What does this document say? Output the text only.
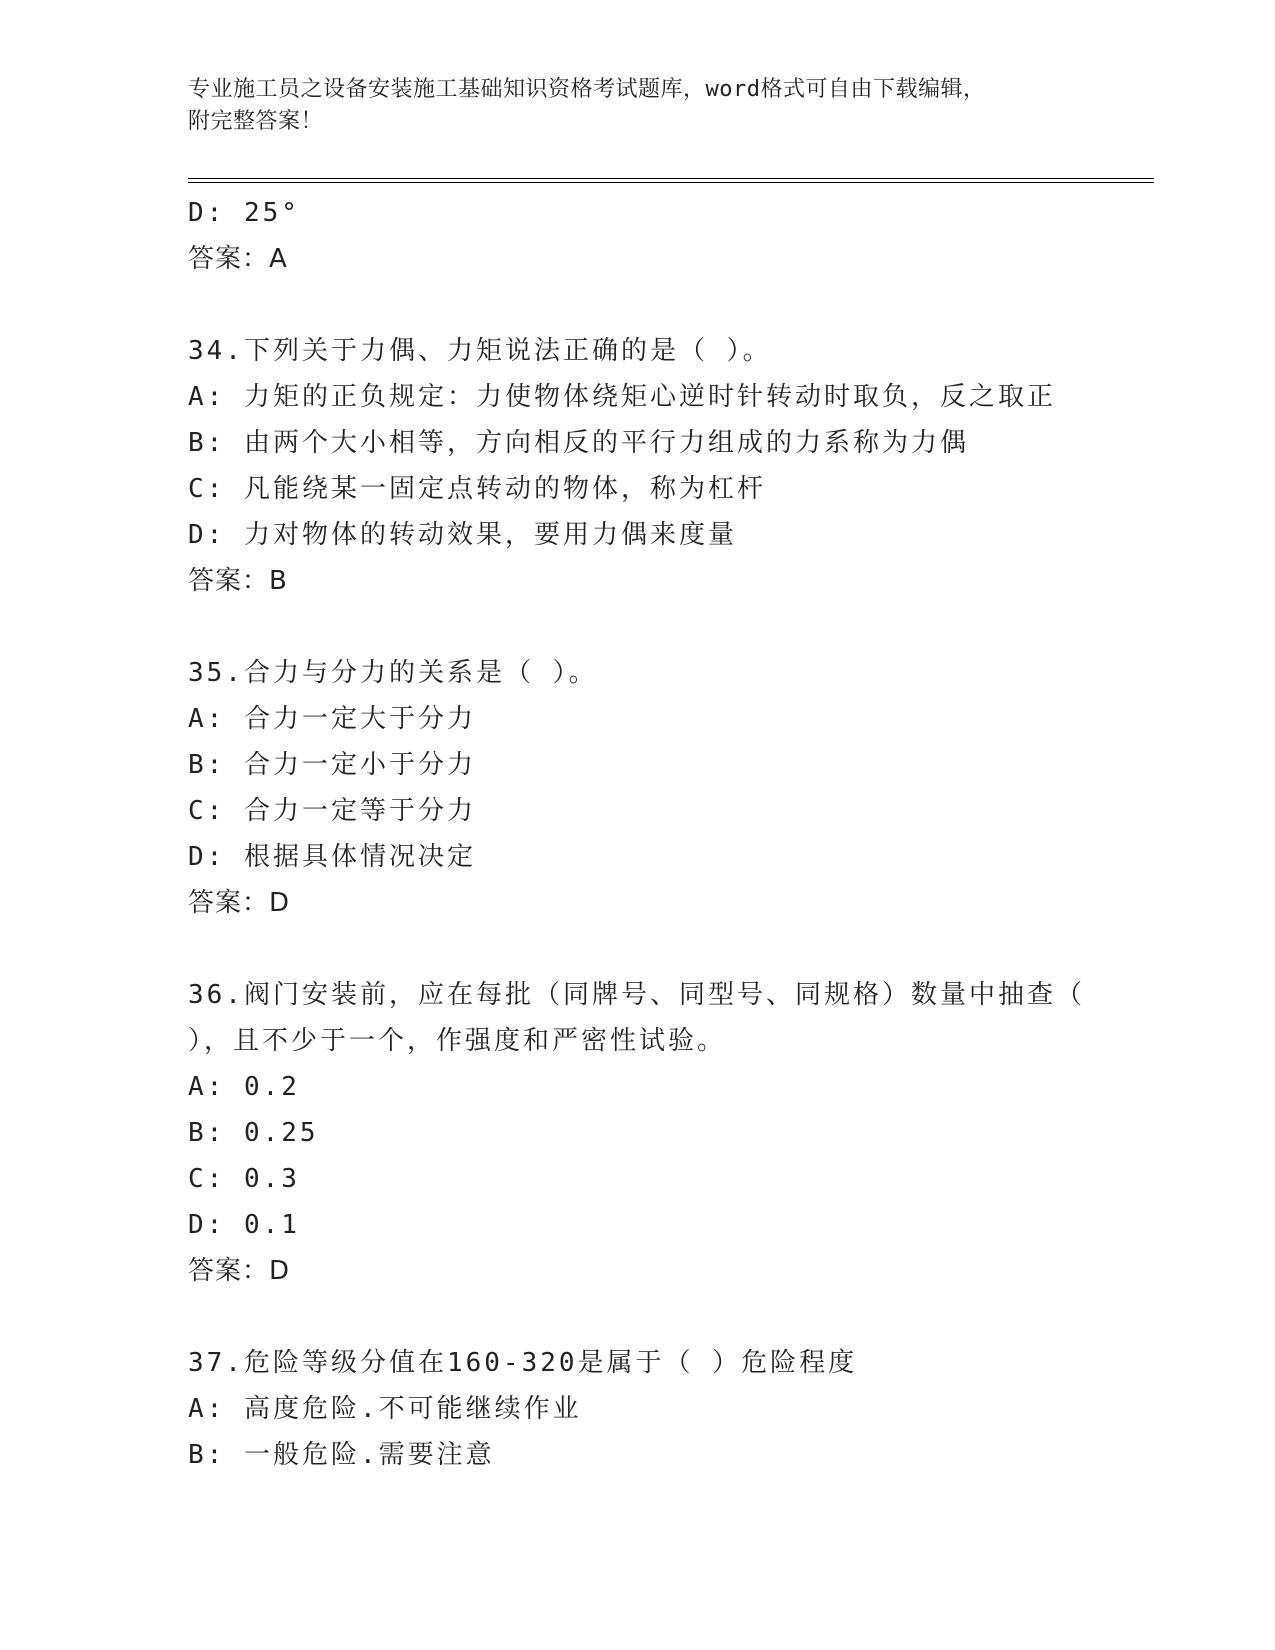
专业施工员之设备安装施工基础知识资格考试题库，word格式可自由下载编辑，
附完整答案！
D: 25°
答案：A
34.下列关于力偶、力矩说法正确的是（ ）。
A: 力矩的正负规定：力使物体绕矩心逆时针转动时取负，反之取正
B: 由两个大小相等，方向相反的平行力组成的力系称为力偶
C: 凡能绕某一固定点转动的物体，称为杠杆
D: 力对物体的转动效果，要用力偶来度量
答案：B
35.合力与分力的关系是（ ）。
A: 合力一定大于分力
B: 合力一定小于分力
C: 合力一定等于分力
D: 根据具体情况决定
答案：D
36.阀门安装前，应在每批（同牌号、同型号、同规格）数量中抽查（
），且不少于一个，作强度和严密性试验。
A: 0.2
B: 0.25
C: 0.3
D: 0.1
答案：D
37.危险等级分值在160-320是属于（ ）危险程度
A: 高度危险.不可能继续作业
B: 一般危险.需要注意
